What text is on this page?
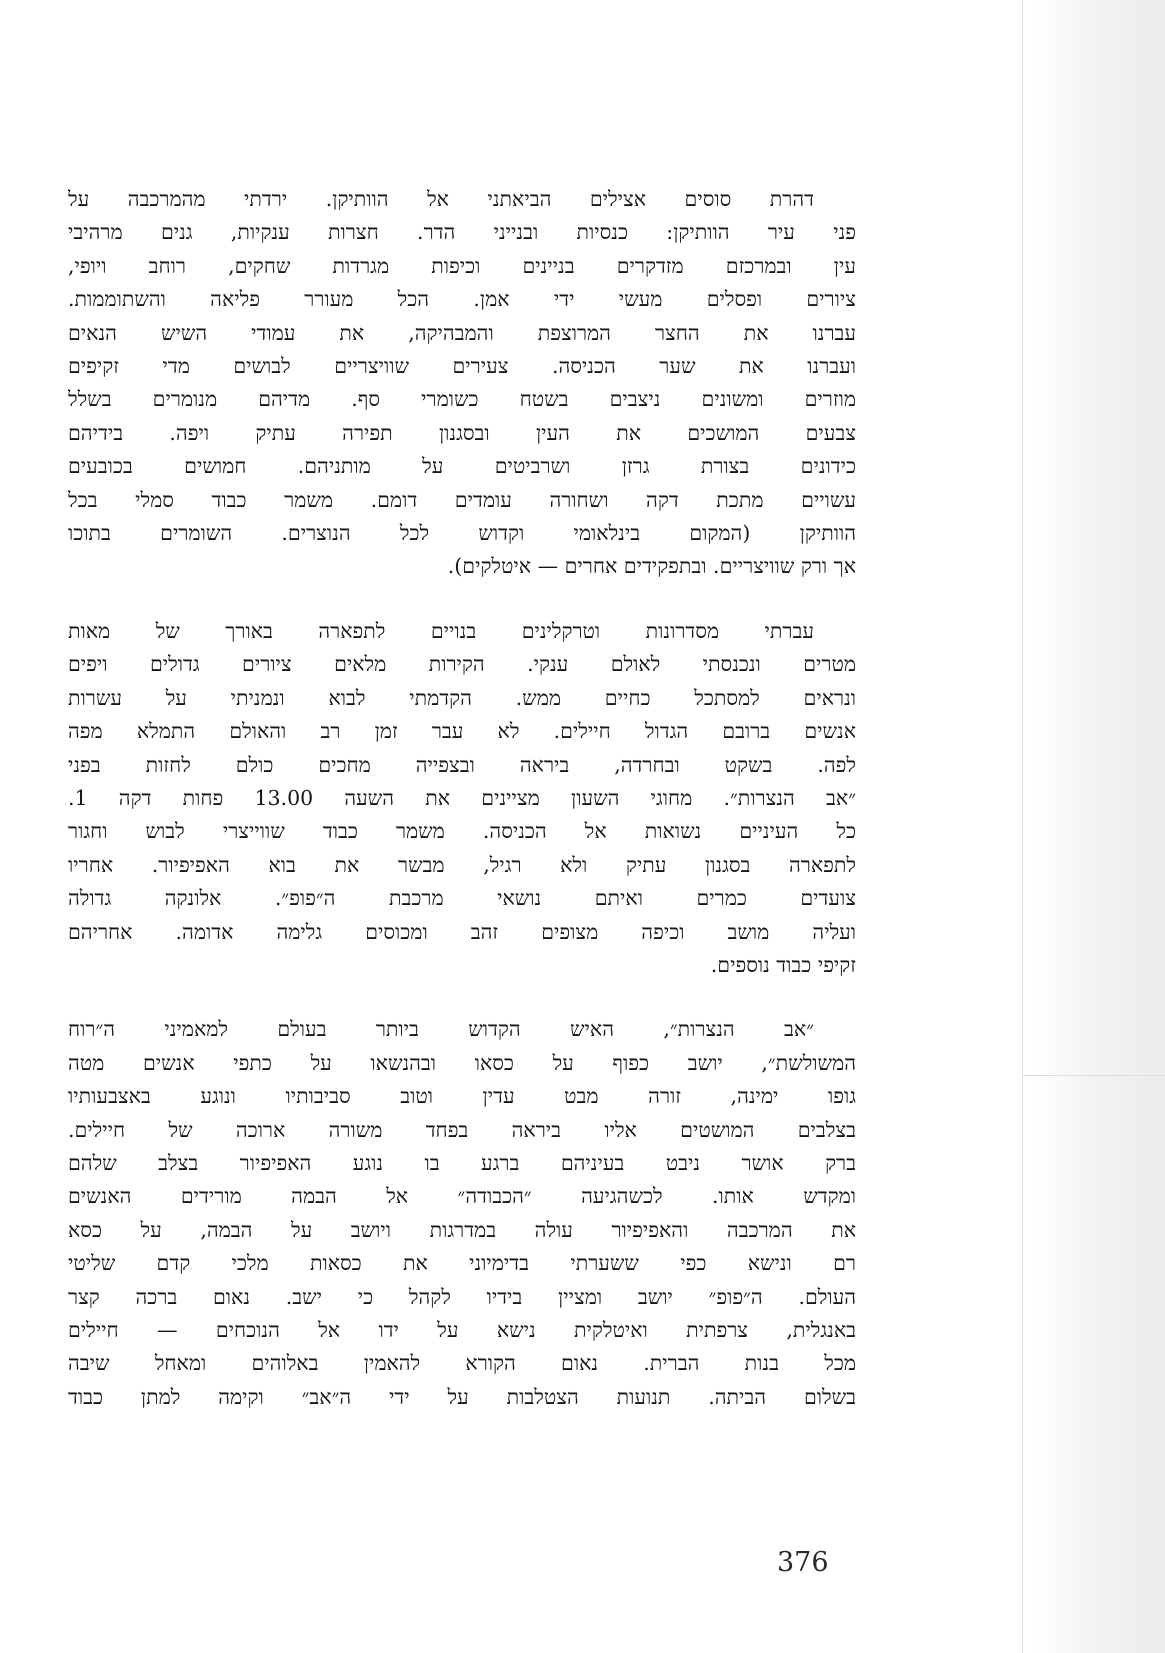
דהרת סוסים אצילים הביאתני אל הוותיקן. ירדתי מהמרכבה על
פני עיר הוותיקן: כנסיות ובנייני הדר. חצרות ענקיות, גנים מרהיבי
עין ובמרכזם מזדקרים בניינים וכיפות מגרדות שחקים, רוחב ויופי,
ציורים ופסלים מעשי ידי אמן. הכל מעורר פליאה והשתוממות.
עברנו את החצר המרוצפת והמבהיקה, את עמודי השיש הנאים
ועברנו את שער הכניסה. צעירים שוויצריים לבושים מדי זקיפים
מוזרים ומשונים ניצבים בשטח כשומרי סף. מדיהם מנומרים בשלל
צבעים המושכים את העין ובסגנון תפירה עתיק ויפה. בידיהם
כידונים בצורת גרזן ושרביטים על מותניהם. חמושים בכובעים
עשויים מתכת דקה ושחורה עומדים דומם. משמר כבוד סמלי בכל
הוותיקן (המקום בינלאומי וקדוש לכל הנוצרים. השומרים בתוכו
אך ורק שוויצריים. ובתפקידים אחרים — איטלקים).

עברתי מסדרונות וטרקלינים בנויים לתפארה באורך של מאות
מטרים ונכנסתי לאולם ענקי. הקירות מלאים ציורים גדולים ויפים
ונראים למסתכל כחיים ממש. הקדמתי לבוא ונמניתי על עשרות
אנשים ברובם הגדול חיילים. לא עבר זמן רב והאולם התמלא מפה
לפה. בשקט ובחרדה, ביראה ובצפייה מחכים כולם לחזות בפני
״אב הנצרות״. מחוגי השעון מציינים את השעה 13.00 פחות דקה 1.
כל העיניים נשואות אל הכניסה. משמר כבוד שווייצרי לבוש וחגור
לתפארה בסגנון עתיק ולא רגיל, מבשר את בוא האפיפיור. אחריו
צועדים כמרים ואיתם נושאי מרכבת ה״פופ״. אלונקה גדולה
ועליה מושב וכיפה מצופים זהב ומכוסים גלימה אדומה. אחריהם
זקיפי כבוד נוספים.

״אב הנצרות״, האיש הקדוש ביותר בעולם למאמיני ה״רוח
המשולשת״, יושב כפוף על כסאו ובהנשאו על כתפי אנשים מטה
גופו ימינה, זורה מבט עדין וטוב סביבותיו ונוגע באצבעותיו
בצלבים המושטים אליו ביראה בפחד משורה ארוכה של חיילים.
ברק אושר ניבט בעיניהם ברגע בו נוגע האפיפיור בצלב שלהם
ומקדש אותו. לכשהגיעה ״הכבודה״ אל הבמה מורידים האנשים
את המרכבה והאפיפיור עולה במדרגות ויושב על הבמה, על כסא
רם ונישא כפי ששערתי בדימיוני את כסאות מלכי קדם שליטי
העולם. ה״פופ״ יושב ומציין בידיו לקהל כי ישב. נאום ברכה קצר
באנגלית, צרפתית ואיטלקית נישא על ידו אל הנוכחים — חיילים
מכל בנות הברית. נאום הקורא להאמין באלוהים ומאחל שיבה
בשלום הביתה. תנועות הצטלבות על ידי ה״אב״ וקימה למתן כבוד

376
